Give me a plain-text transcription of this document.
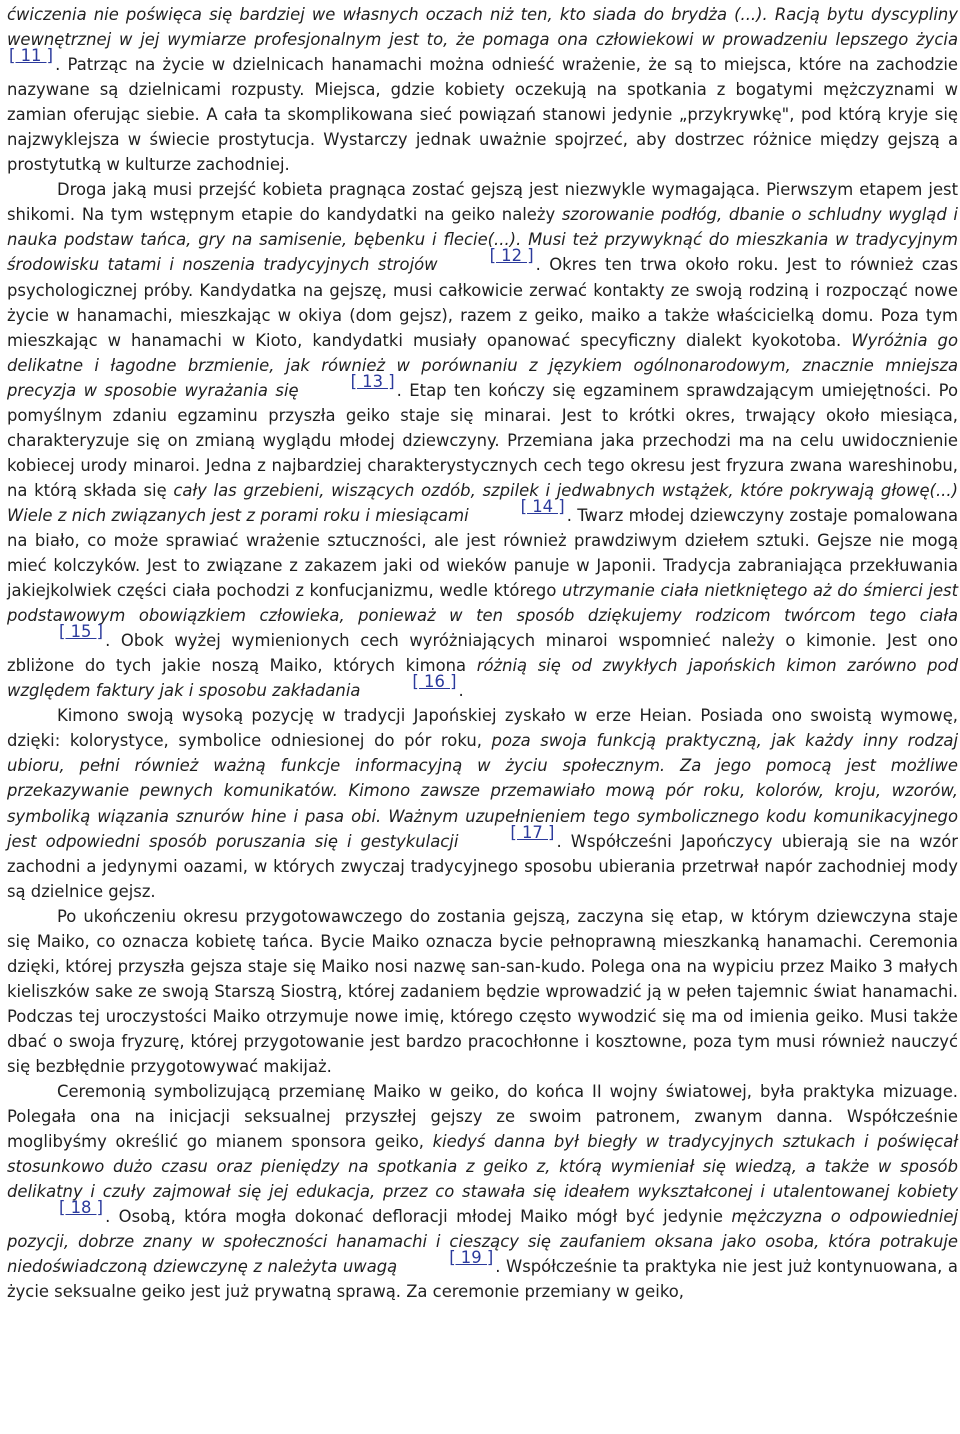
ćwiczenia nie poświęca się bardziej we własnych oczach niż ten, kto siada do brydża (...). Racją bytu dyscypliny wewnętrznej w jej wymiarze profesjonalnym jest to, że pomaga ona człowiekowi w prowadzeniu lepszego życia[ 11 ] . Patrząc na życie w dzielnicach hanamachi można odnieść wrażenie, że są to miejsca, które na zachodzie nazywane są dzielnicami rozpusty. Miejsca, gdzie kobiety oczekują na spotkania z bogatymi mężczyznami w zamian oferując siebie. A cała ta skomplikowana sieć powiązań stanowi jedynie „przykrywkę", pod którą kryje się najzwyklejsza w świecie prostytucja. Wystarczy jednak uważnie spojrzeć, aby dostrzec różnice między gejszą a prostytutką w kulturze zachodniej.

Droga jaką musi przejść kobieta pragnąca zostać gejszą jest niezwykle wymagająca. Pierwszym etapem jest shikomi. Na tym wstępnym etapie do kandydatki na geiko należy szorowanie podłóg, dbanie o schludny wygląd i nauka podstaw tańca, gry na samisenie, bębenku i flecie(...). Musi też przywyknąć do mieszkania w tradycyjnym środowisku tatami i noszenia tradycyjnych strojów	[ 12 ] . Okres ten trwa około roku. Jest to również czas psychologicznej próby. Kandydatka na gejszę, musi całkowicie zerwać kontakty ze swoją rodziną i rozpocząć nowe życie w hanamachi, mieszkając w okiya (dom gejsz), razem z geiko, maiko a także właścicielką domu. Poza tym mieszkając w hanamachi w Kioto, kandydatki musiały opanować specyficzny dialekt kyokotoba. Wyróżnia go delikatne i łagodne brzmienie, jak również w porównaniu z językiem ogólnonarodowym, znacznie mniejsza precyzja w sposobie wyrażania się	[ 13 ] . Etap ten kończy się egzaminem sprawdzającym umiejętności. Po pomyślnym zdaniu egzaminu przyszła geiko staje się minarai. Jest to krótki okres, trwający około miesiąca, charakteryzuje się on zmianą wyglądu młodej dziewczyny. Przemiana jaka przechodzi ma na celu uwidocznienie kobiecej urody minaroi. Jedna z najbardziej charakterystycznych cech tego okresu jest fryzura zwana wareshinobu, na którą składa się cały las grzebieni, wiszących ozdób, szpilek i jedwabnych wstążek, które pokrywają głowę(...) Wiele z nich związanych jest z porami roku i miesiącami	[ 14 ] . Twarz młodej dziewczyny zostaje pomalowana na biało, co może sprawiać wrażenie sztuczności, ale jest również prawdziwym dziełem sztuki. Gejsze nie mogą mieć kolczyków. Jest to związane z zakazem jaki od wieków panuje w Japonii. Tradycja zabraniająca przekłuwania jakiejkolwiek części ciała pochodzi z konfucjanizmu, wedle którego utrzymanie ciała nietkniętego aż do śmierci jest podstawowym obowiązkiem człowieka, ponieważ w ten sposób dziękujemy rodzicom twórcom tego ciała[ 15 ] . Obok wyżej wymienionych cech wyróżniających minaroi wspomnieć należy o kimonie. Jest ono zbliżone do tych jakie noszą Maiko, których kimona różnią się od zwykłych japońskich kimon zarówno pod względem faktury jak i sposobu zakładania	[ 16 ] .

Kimono swoją wysoką pozycję w tradycji Japońskiej zyskało w erze Heian. Posiada ono swoistą wymowę, dzięki: kolorystyce, symbolice odniesionej do pór roku, poza swoja funkcją praktyczną, jak każdy inny rodzaj ubioru, pełni również ważną funkcje informacyjną w życiu społecznym. Za jego pomocą jest możliwe przekazywanie pewnych komunikatów. Kimono zawsze przemawiało mową pór roku, kolorów, kroju, wzorów, symboliką wiązania sznurów hine i pasa obi. Ważnym uzupełnieniem tego symbolicznego kodu komunikacyjnego jest odpowiedni sposób poruszania się i gestykulacji	[ 17 ] . Współcześni Japończycy ubierają sie na wzór zachodni a jedynymi oazami, w których zwyczaj tradycyjnego sposobu ubierania przetrwał napór zachodniej mody są dzielnice gejsz.

Po ukończeniu okresu przygotowawczego do zostania gejszą, zaczyna się etap, w którym dziewczyna staje się Maiko, co oznacza kobietę tańca. Bycie Maiko oznacza bycie pełnoprawną mieszkanką hanamachi. Ceremonia dzięki, której przyszła gejsza staje się Maiko nosi nazwę san-san-kudo. Polega ona na wypiciu przez Maiko 3 małych kieliszków sake ze swoją Starszą Siostrą, której zadaniem będzie wprowadzić ją w pełen tajemnic świat hanamachi. Podczas tej uroczystości Maiko otrzymuje nowe imię, którego często wywodzić się ma od imienia geiko. Musi także dbać o swoja fryzurę, której przygotowanie jest bardzo pracochłonne i kosztowne, poza tym musi również nauczyć się bezbłędnie przygotowywać makijaż.

Ceremonią symbolizującą przemianę Maiko w geiko, do końca II wojny światowej, była praktyka mizuage. Polegała ona na inicjacji seksualnej przyszłej gejszy ze swoim patronem, zwanym danna. Współcześnie moglibyśmy określić go mianem sponsora geiko, kiedyś danna był biegły w tradycyjnych sztukach i poświęcał stosunkowo dużo czasu oraz pieniędzy na spotkania z geiko z, którą wymieniał się wiedzą, a także w sposób delikatny i czuły zajmował się jej edukacja, przez co stawała się ideałem wykształconej i utalentowanej kobiety[ 18 ] . Osobą, która mogła dokonać defloracji młodej Maiko mógł być jedynie mężczyzna o odpowiedniej pozycji, dobrze znany w społeczności hanamachi i cieszący się zaufaniem oksana jako osoba, która potrakuje niedoświadczoną dziewczynę z należyta uwagą	[ 19 ] . Współcześnie ta praktyka nie jest już kontynuowana, a życie seksualne geiko jest już prywatną sprawą. Za ceremonie przemiany w geiko,
